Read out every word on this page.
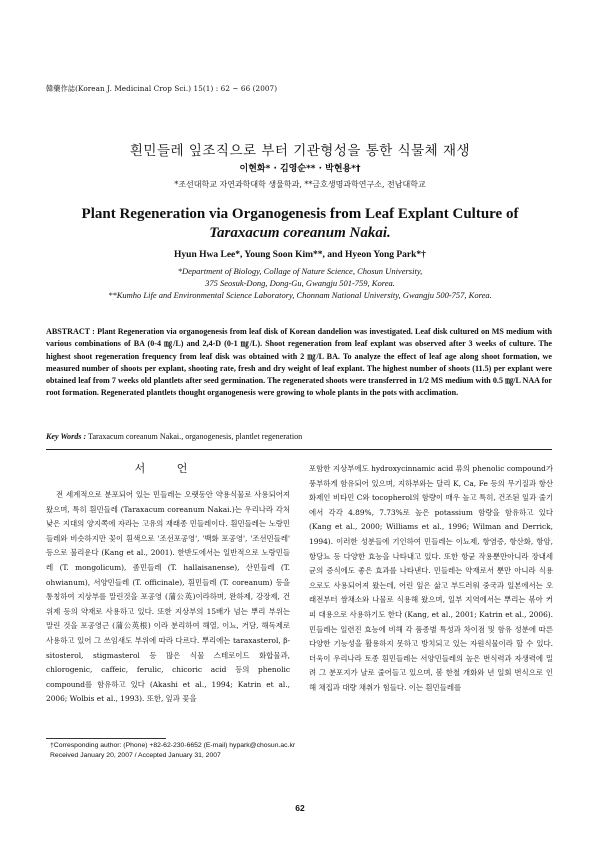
韓藥作誌(Korean J. Medicinal Crop Sci.) 15(1) : 62 ~ 66 (2007)
흰민들레 잎조직으로 부터 기관형성을 통한 식물체 재생
이현화* · 김영순** · 박현용*†
*조선대학교 자연과학대학 생물학과, **금호생명과학연구소, 전남대학교
Plant Regeneration via Organogenesis from Leaf Explant Culture of
Taraxacum coreanum Nakai.
Hyun Hwa Lee*, Young Soon Kim**, and Hyeon Yong Park*†
*Department of Biology, Collage of Nature Science, Chosun University,
375 Seosuk-Dong, Dong-Gu, Gwangju 501-759, Korea.
**Kumho Life and Environmental Science Laboratory, Chonnam National University, Gwangju 500-757, Korea.
ABSTRACT : Plant Regeneration via organogenesis from leaf disk of Korean dandelion was investigated. Leaf disk cultured on MS medium with various combinations of BA (0-4 ㎎/L) and 2,4-D (0-1 ㎎/L). Shoot regeneration from leaf explant was observed after 3 weeks of culture. The highest shoot regeneration frequency from leaf disk was obtained with 2 ㎎/L BA. To analyze the effect of leaf age along shoot formation, we measured number of shoots per explant, shooting rate, fresh and dry weight of leaf explant. The highest number of shoots (11.5) per explant were obtained leaf from 7 weeks old plantlets after seed germination. The regenerated shoots were transferred in 1/2 MS medium with 0.5 ㎎/L NAA for root formation. Regenerated plantlets thought organogenesis were growing to whole plants in the pots with acclimation.
Key Words : Taraxacum coreanum Nakai., organogenesis, plantlet regeneration
서 언

전 세계적으로 분포되어 있는 민들레는 오랫동안 약용식물로 사용되어져 왔으며, 특히 흰민들레 (Taraxacum coreanum Nakai.)는 우리나라 각처 낮은 지대의 양지쪽에 자라는 고유의 재래종 민들레이다. 흰민들레는 노랑민들레와 비슷하지만 꽃이 흰색으로 '조선포공영', '백화 포공영', '조선민들레' 등으로 불리운다 (Kang et al., 2001). 한반도에서는 일반적으로 노랑민들레 (T. mongolicum), 좀민들레 (T. hallaisanense), 산민들레 (T. ohwianum), 서양민들레 (T. officinale), 흰민들레 (T. coreanum) 등을 통칭하여 지상부를 말린것을 포공영 (蒲公英)이라하며, 완하제, 강장제, 건위제 등의 약재로 사용하고 있다. 또한 지상부의 15배가 넘는 뿌리 부위는 말린 것을 포공영근 (蒲公英根) 이라 분리하여 해열, 이뇨, 거담, 해독제로 사용하고 있어 그 쓰임새도 부위에 따라 다르다. 뿌리에는 taraxasterol, β-sitosterol, stigmasterol 등 많은 식물 스테로이드 화합물과, chlorogenic, caffeic, ferulic, chicoric acid 등의 phenolic compound를 함유하고 있다 (Akashi et al., 1994; Katrin et al., 2006; Wolbis et al., 1993). 또한, 잎과 꽃을

포함한 지상부에도 hydroxycinnamic acid 류의 phenolic compound가 풍부하게 함유되어 있으며, 지하부와는 달리 K, Ca, Fe 등의 무기질과 항산화제인 비타민 C와 tocopherol의 함량이 매우 높고 특히, 건조된 잎과 줄기에서 각각 4.89%, 7.73%로 높은 potassium 함량을 함유하고 있다 (Kang et al., 2000; Williams et al., 1996; Wilman and Derrick, 1994). 이러한 성분들에 기인하여 민들레는 이뇨제, 항염증, 항산화, 항암, 항당뇨 등 다양한 효능을 나타내고 있다. 또한 항균 작용뿐만아니라 장내세균의 증식에도 좋은 효과를 나타낸다. 민들레는 약재로서 뿐만 아니라 식용으로도 사용되어져 왔는데, 어린 잎은 삶고 부드러워 중국과 일본에서는 오래전부터 쌈채소와 나물로 식용해 왔으며, 일부 지역에서는 뿌리는 볶아 커피 대용으로 사용하기도 한다 (Kang, et al., 2001; Katrin et al., 2006). 민들레는 일련진 효능에 비해 각 품종별 특성과 차이점 및 함유 성분에 따른 다양한 기능성을 활용하지 못하고 방치되고 있는 자원식물이라 할 수 있다. 더욱이 우리나라 토종 흰민들레는 서양민들레의 높은 번식력과 자생력에 밀려 그 분포지가 날로 줄어들고 있으며, 봄 한철 개화와 년 일회 번식으로 인해 채집과 대량 채취가 힘들다. 이는 흰민들레를

†Corresponding author: (Phone) +82-62-230-6652 (E-mail) hypark@chosun.ac.kr
Received January 20, 2007 / Accepted January 31, 2007
62
